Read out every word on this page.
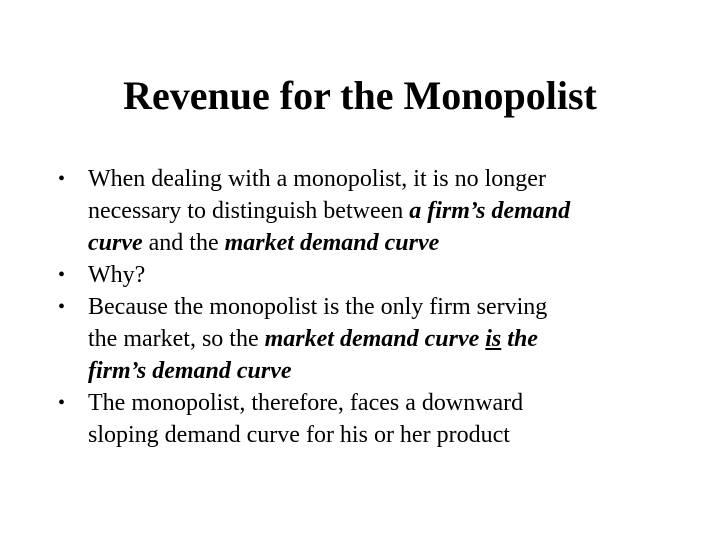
Revenue for the Monopolist
• When dealing with a monopolist, it is no longer
necessary to distinguish between a firm’s demand
curve and the market demand curve
• Why?
• Because the monopolist is the only firm serving
the market, so the market demand curve is the
firm’s demand curve
• The monopolist, therefore, faces a downward
sloping demand curve for his or her product
